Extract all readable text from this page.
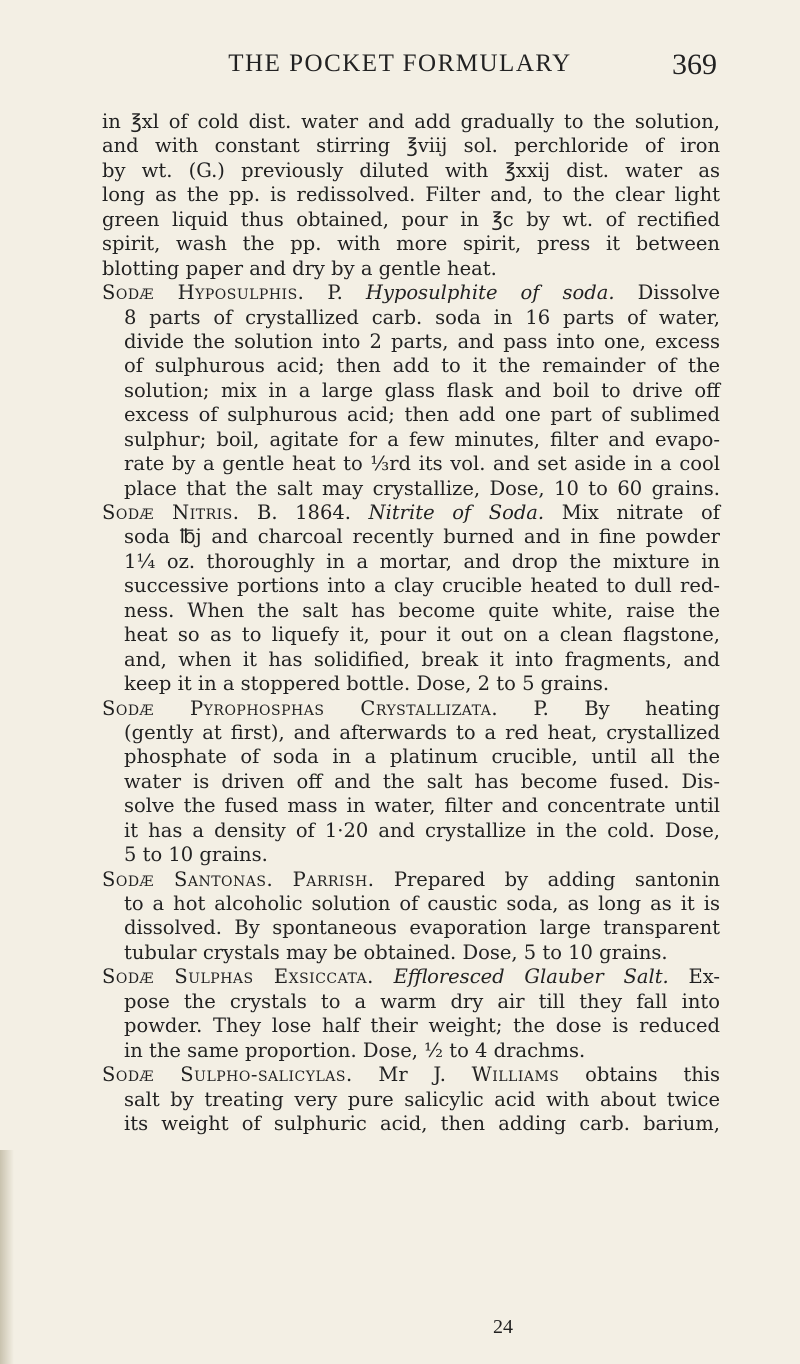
THE POCKET FORMULARY	369
in ℥xl of cold dist. water and add gradually to the solution,
and with constant stirring ℥viij sol. perchloride of iron
by wt. (G.) previously diluted with ℥xxij dist. water as
long as the pp. is redissolved. Filter and, to the clear light
green liquid thus obtained, pour in ℥c by wt. of rectified
spirit, wash the pp. with more spirit, press it between
blotting paper and dry by a gentle heat.
Sodæ Hyposulphis. P. Hyposulphite of soda. Dissolve
8 parts of crystallized carb. soda in 16 parts of water,
divide the solution into 2 parts, and pass into one, excess
of sulphurous acid; then add to it the remainder of the
solution; mix in a large glass flask and boil to drive off
excess of sulphurous acid; then add one part of sublimed
sulphur; boil, agitate for a few minutes, filter and evapo-
rate by a gentle heat to ⅓rd its vol. and set aside in a cool
place that the salt may crystallize, Dose, 10 to 60 grains.
Sodæ Nitris. B. 1864. Nitrite of Soda. Mix nitrate of
soda ℔j and charcoal recently burned and in fine powder
1¼ oz. thoroughly in a mortar, and drop the mixture in
successive portions into a clay crucible heated to dull red-
ness. When the salt has become quite white, raise the
heat so as to liquefy it, pour it out on a clean flagstone,
and, when it has solidified, break it into fragments, and
keep it in a stoppered bottle. Dose, 2 to 5 grains.
Sodæ Pyrophosphas Crystallizata. P. By heating
(gently at first), and afterwards to a red heat, crystallized
phosphate of soda in a platinum crucible, until all the
water is driven off and the salt has become fused. Dis-
solve the fused mass in water, filter and concentrate until
it has a density of 1·20 and crystallize in the cold. Dose,
5 to 10 grains.
Sodæ Santonas. Parrish. Prepared by adding santonin
to a hot alcoholic solution of caustic soda, as long as it is
dissolved. By spontaneous evaporation large transparent
tubular crystals may be obtained. Dose, 5 to 10 grains.
Sodæ Sulphas Exsiccata. Effloresced Glauber Salt. Ex-
pose the crystals to a warm dry air till they fall into
powder. They lose half their weight; the dose is reduced
in the same proportion. Dose, ½ to 4 drachms.
Sodæ Sulpho-salicylas. Mr J. Williams obtains this
salt by treating very pure salicylic acid with about twice
its weight of sulphuric acid, then adding carb. barium,
24
